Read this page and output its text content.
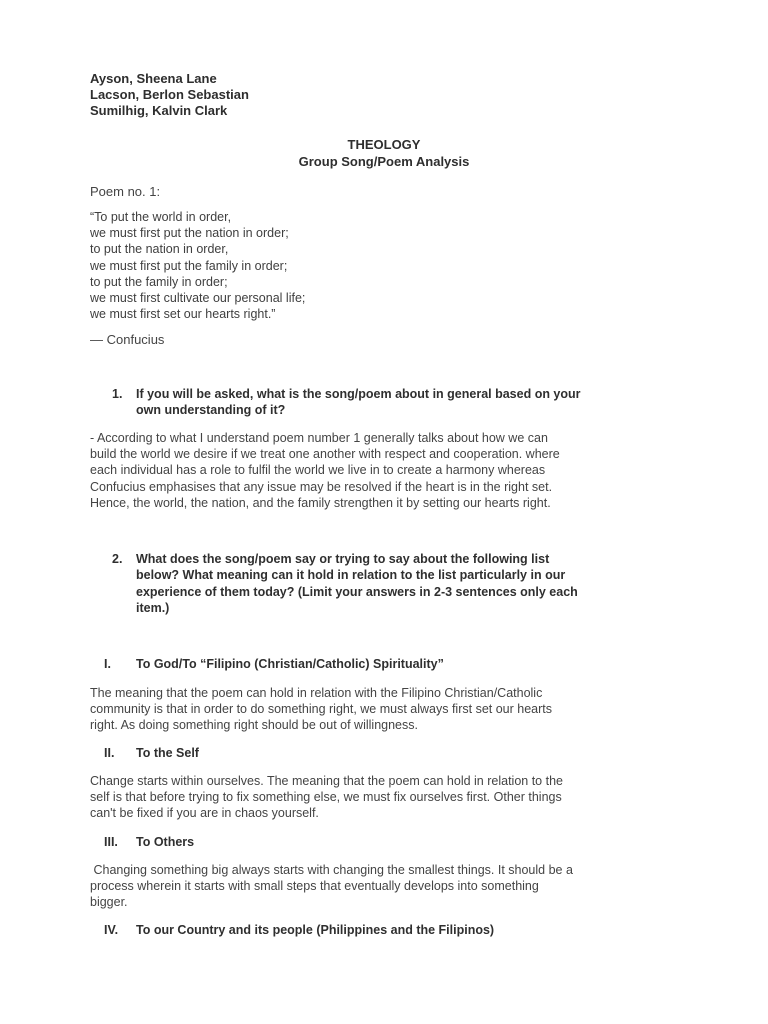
Ayson, Sheena Lane
Lacson, Berlon Sebastian
Sumilhig, Kalvin Clark
THEOLOGY
Group Song/Poem Analysis
Poem no. 1:
“To put the world in order,
we must first put the nation in order;
to put the nation in order,
we must first put the family in order;
to put the family in order;
we must first cultivate our personal life;
we must first set our hearts right.”
— Confucius
1.	If you will be asked, what is the song/poem about in general based on your
own understanding of it?
- According to what I understand poem number 1 generally talks about how we can
build the world we desire if we treat one another with respect and cooperation. where
each individual has a role to fulfil the world we live in to create a harmony whereas
Confucius emphasises that any issue may be resolved if the heart is in the right set.
Hence, the world, the nation, and the family strengthen it by setting our hearts right.
2.	What does the song/poem say or trying to say about the following list
below? What meaning can it hold in relation to the list particularly in our
experience of them today? (Limit your answers in 2-3 sentences only each
item.)
I.	To God/To “Filipino (Christian/Catholic) Spirituality”
The meaning that the poem can hold in relation with the Filipino Christian/Catholic
community is that in order to do something right, we must always first set our hearts
right. As doing something right should be out of willingness.
II.	To the Self
Change starts within ourselves. The meaning that the poem can hold in relation to the
self is that before trying to fix something else, we must fix ourselves first. Other things
can't be fixed if you are in chaos yourself.
III.	To Others
Changing something big always starts with changing the smallest things. It should be a
process wherein it starts with small steps that eventually develops into something
bigger.
IV.	To our Country and its people (Philippines and the Filipinos)
